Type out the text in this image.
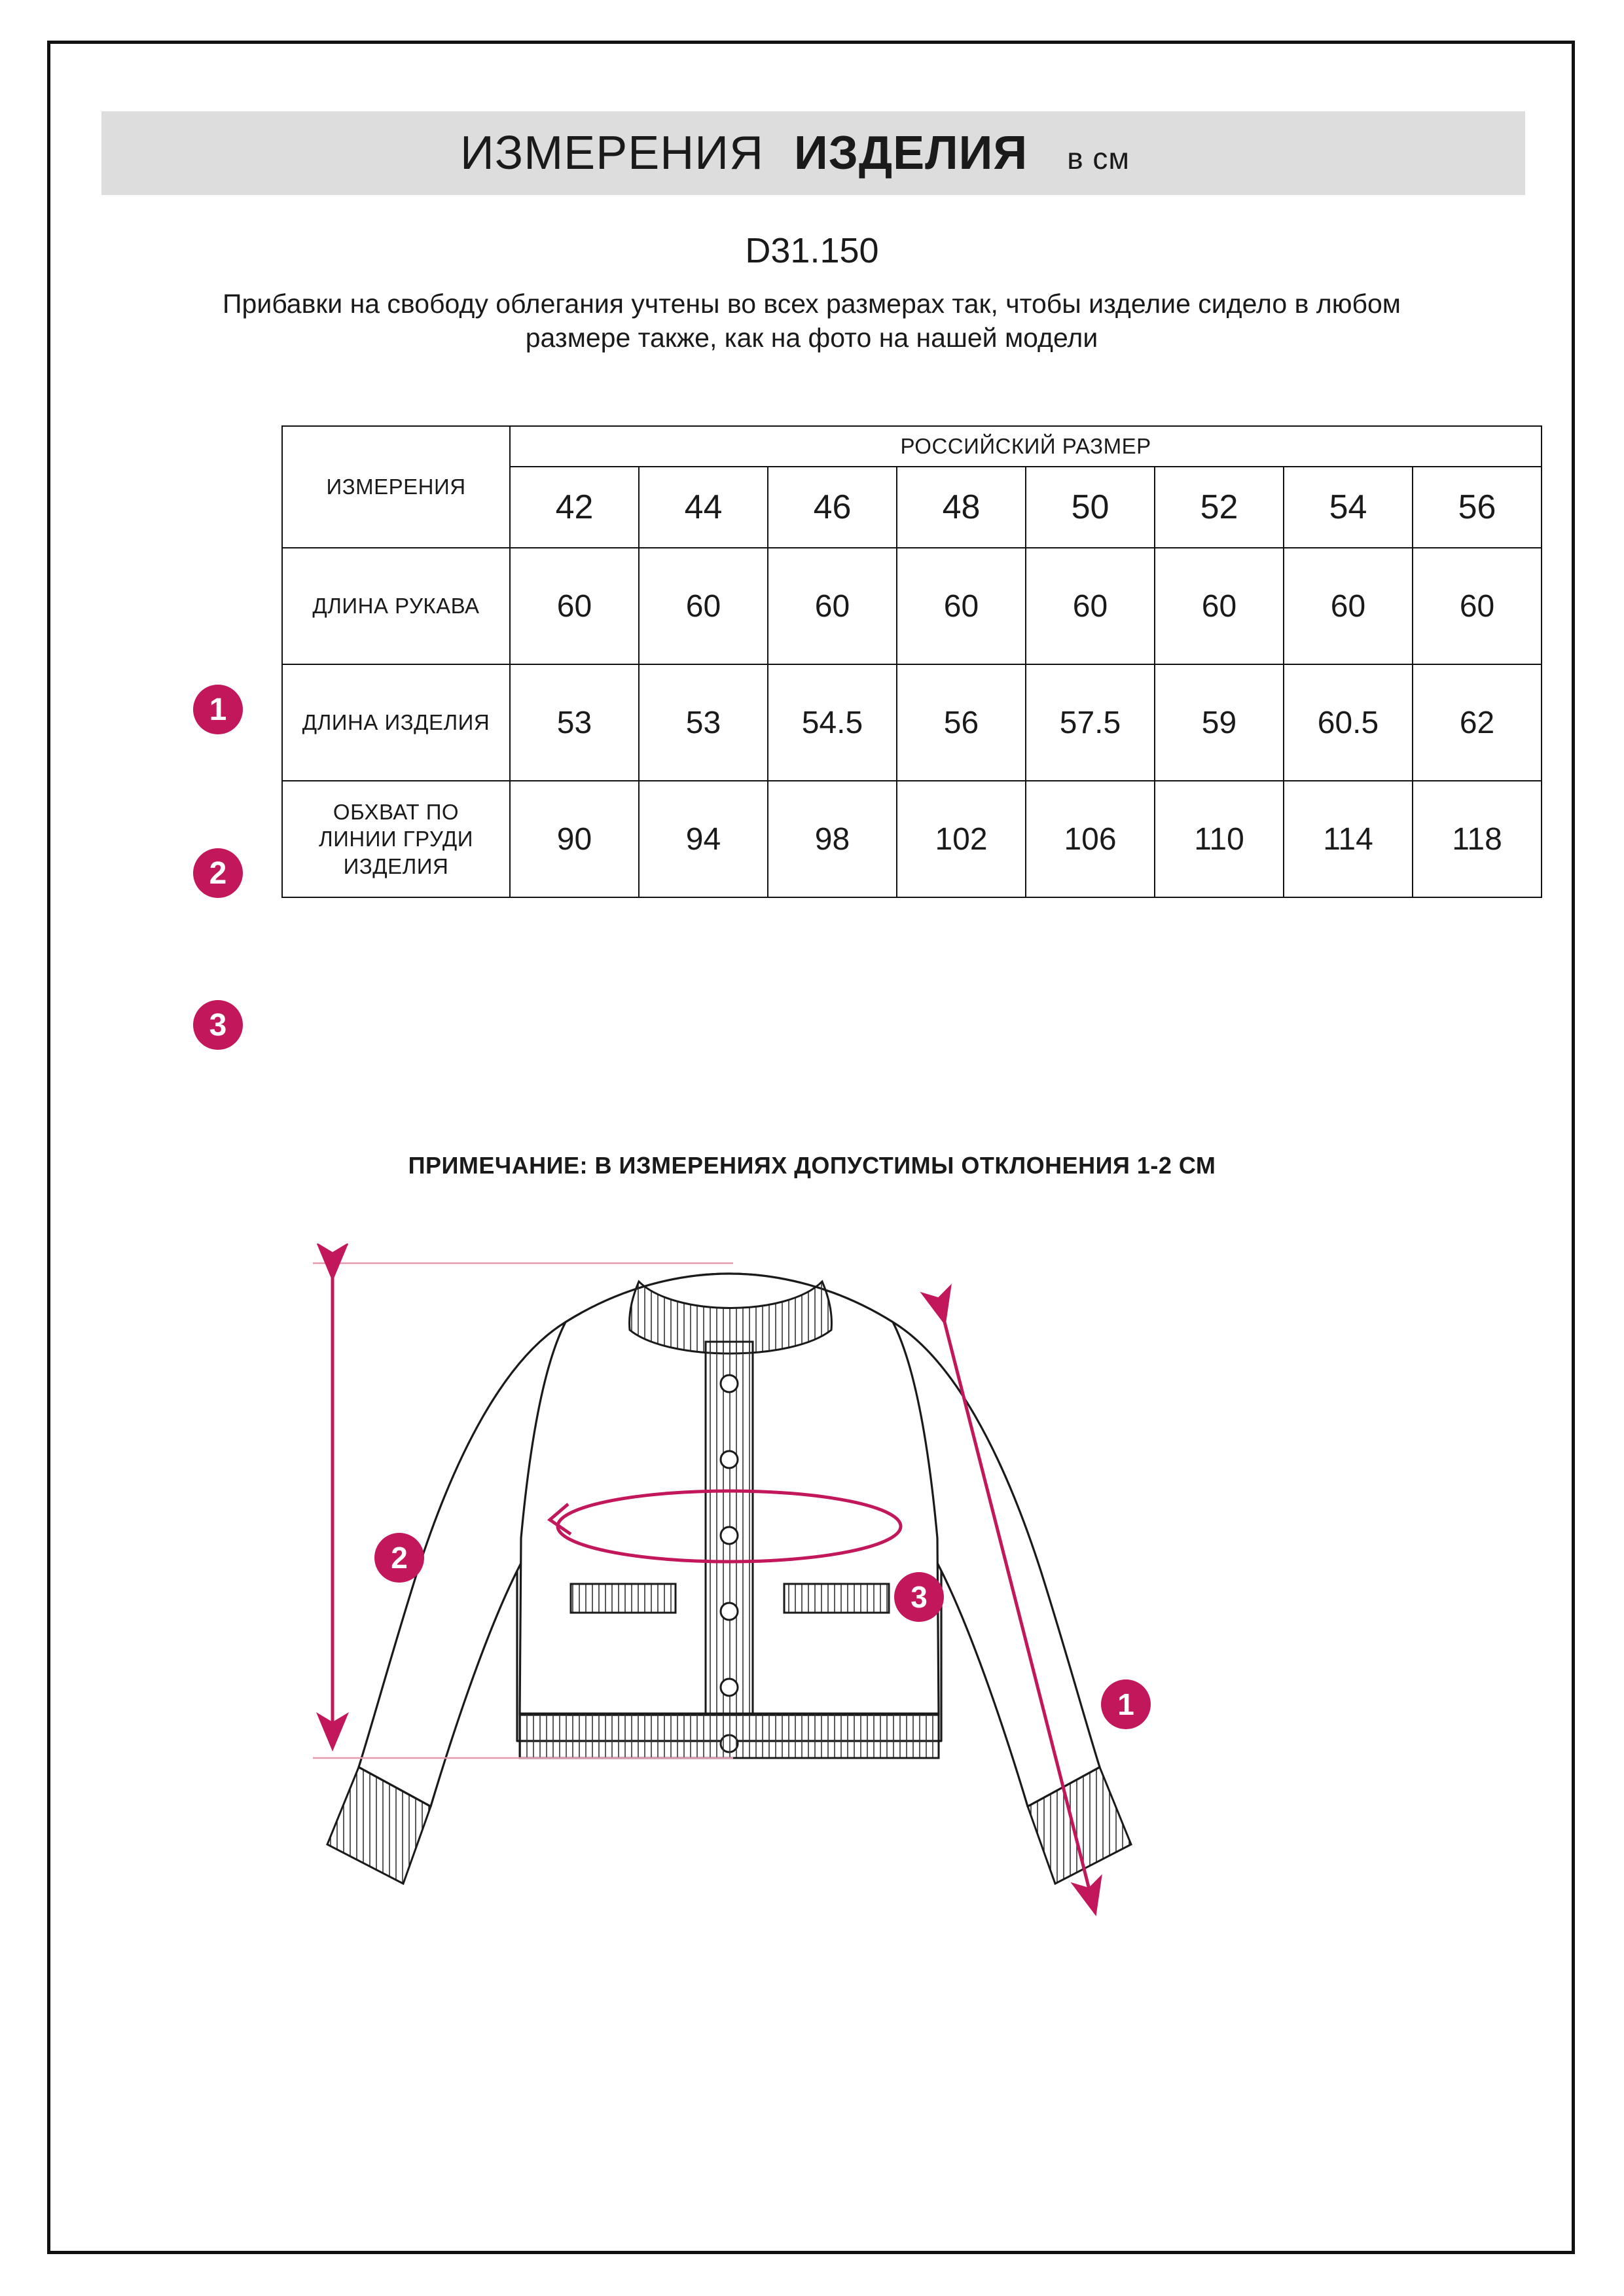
ИЗМЕРЕНИЯ ИЗДЕЛИЯ в см
D31.150
Прибавки на свободу облегания учтены во всех размерах так, чтобы изделие сидело в любом размере также, как на фото на нашей модели
ИЗМЕРЕНИЯ	РОССИЙСКИЙ РАЗМЕР							
	42	44	46	48	50	52	54	56
ДЛИНА РУКАВА	60	60	60	60	60	60	60	60
ДЛИНА ИЗДЕЛИЯ	53	53	54.5	56	57.5	59	60.5	62
ОБХВАТ ПО ЛИНИИ ГРУДИ ИЗДЕЛИЯ	90	94	98	102	106	110	114	118
1
2
3
ПРИМЕЧАНИЕ: В ИЗМЕРЕНИЯХ ДОПУСТИМЫ ОТКЛОНЕНИЯ 1-2 СМ
1
2
3
